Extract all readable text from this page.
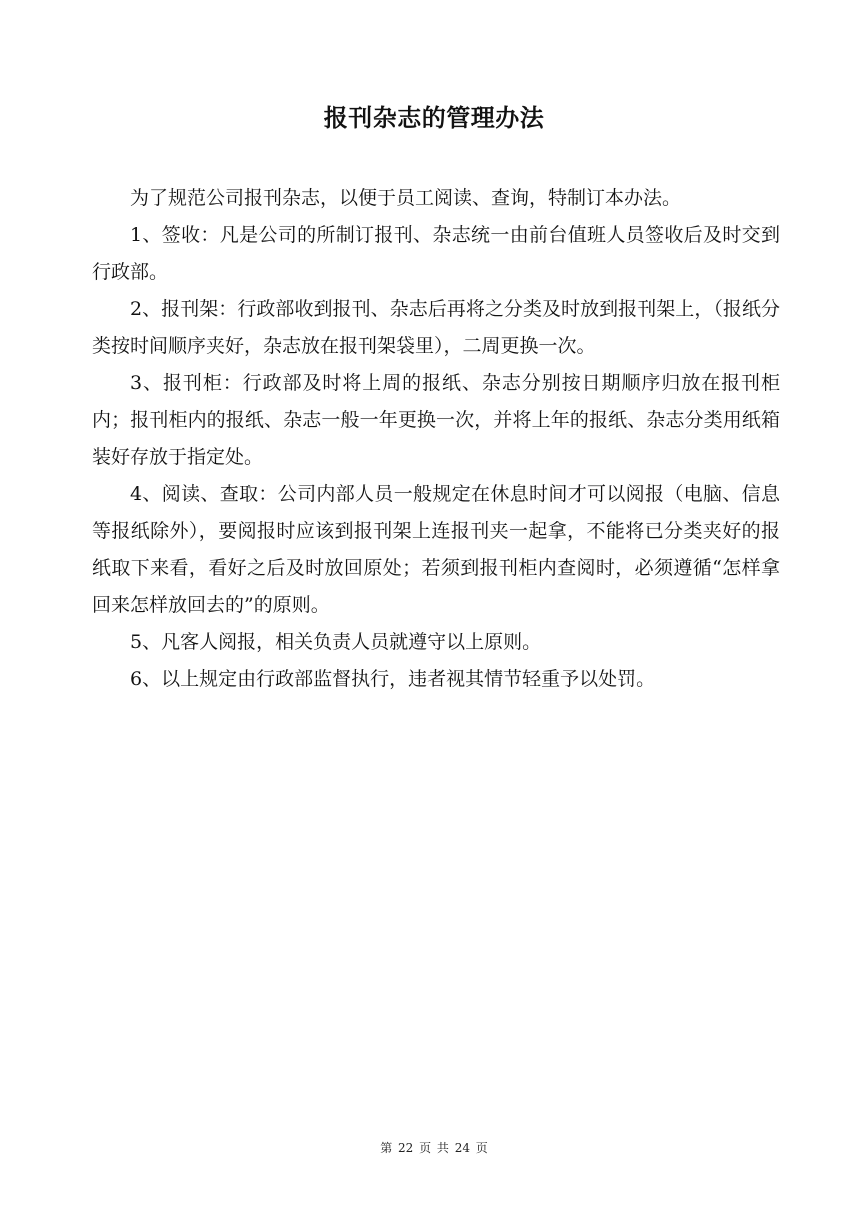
报刊杂志的管理办法

为了规范公司报刊杂志，以便于员工阅读、查询，特制订本办法。

1、签收：凡是公司的所制订报刊、杂志统一由前台值班人员签收后及时交到行政部。

2、报刊架：行政部收到报刊、杂志后再将之分类及时放到报刊架上，（报纸分类按时间顺序夹好，杂志放在报刊架袋里），二周更换一次。

3、报刊柜：行政部及时将上周的报纸、杂志分别按日期顺序归放在报刊柜内；报刊柜内的报纸、杂志一般一年更换一次，并将上年的报纸、杂志分类用纸箱装好存放于指定处。

4、阅读、查取：公司内部人员一般规定在休息时间才可以阅报（电脑、信息等报纸除外），要阅报时应该到报刊架上连报刊夹一起拿，不能将已分类夹好的报纸取下来看，看好之后及时放回原处；若须到报刊柜内查阅时，必须遵循“怎样拿回来怎样放回去的”的原则。

5、凡客人阅报，相关负责人员就遵守以上原则。

6、以上规定由行政部监督执行，违者视其情节轻重予以处罚。

第 22 页 共 24 页
